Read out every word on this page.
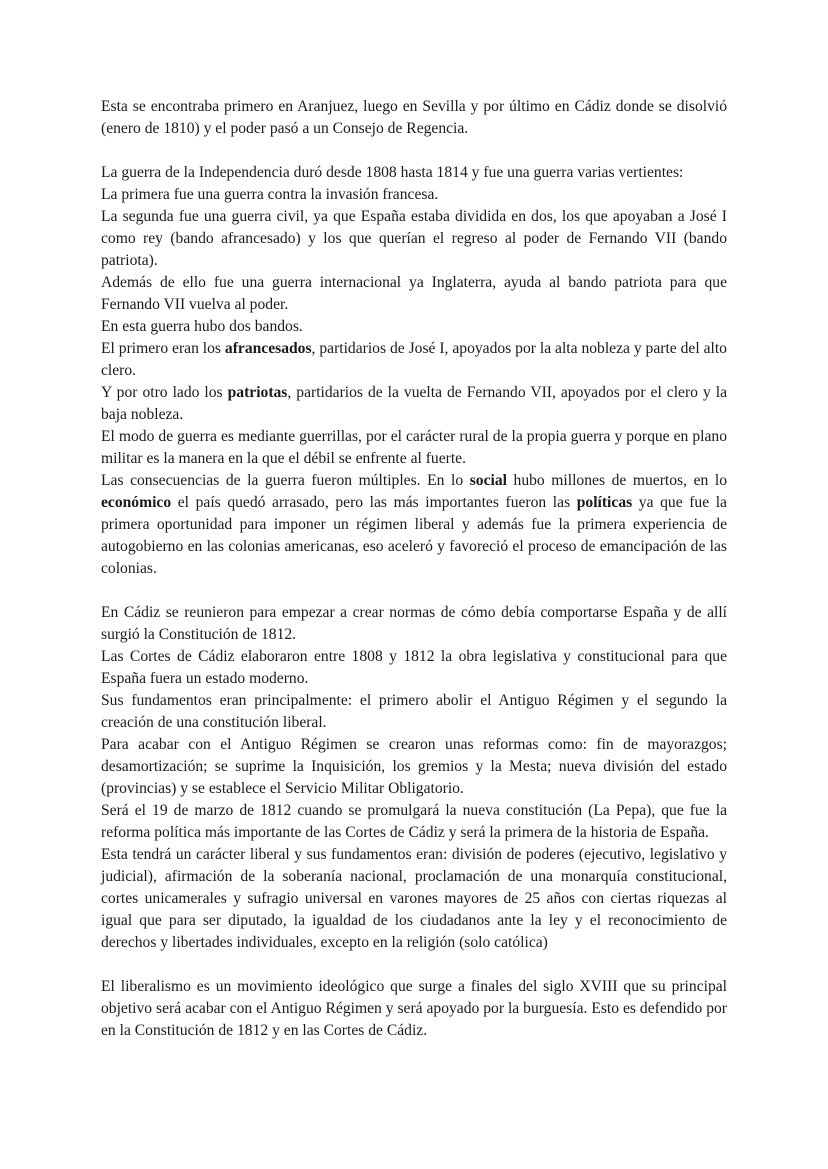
Esta se encontraba primero en Aranjuez, luego en Sevilla y por último en Cádiz donde se disolvió (enero de 1810) y el poder pasó a un Consejo de Regencia.

La guerra de la Independencia duró desde 1808 hasta 1814 y fue una guerra varias vertientes:

La primera fue una guerra contra la invasión francesa.

La segunda fue una guerra civil, ya que España estaba dividida en dos, los que apoyaban a José I como rey (bando afrancesado) y los que querían el regreso al poder de Fernando VII (bando patriota).

Además de ello fue una guerra internacional ya Inglaterra, ayuda al bando patriota para que Fernando VII vuelva al poder.

En esta guerra hubo dos bandos.

El primero eran los afrancesados, partidarios de José I, apoyados por la alta nobleza y parte del alto clero.

Y por otro lado los patriotas, partidarios de la vuelta de Fernando VII, apoyados por el clero y la baja nobleza.

El modo de guerra es mediante guerrillas, por el carácter rural de la propia guerra y porque en plano militar es la manera en la que el débil se enfrente al fuerte.

Las consecuencias de la guerra fueron múltiples. En lo social hubo millones de muertos, en lo económico el país quedó arrasado, pero las más importantes fueron las políticas ya que fue la primera oportunidad para imponer un régimen liberal y además fue la primera experiencia de autogobierno en las colonias americanas, eso aceleró y favoreció el proceso de emancipación de las colonias.

En Cádiz se reunieron para empezar a crear normas de cómo debía comportarse España y de allí surgió la Constitución de 1812.

Las Cortes de Cádiz elaboraron entre 1808 y 1812 la obra legislativa y constitucional para que España fuera un estado moderno.

Sus fundamentos eran principalmente: el primero abolir el Antiguo Régimen y el segundo la creación de una constitución liberal.

Para acabar con el Antiguo Régimen se crearon unas reformas como: fin de mayorazgos; desamortización; se suprime la Inquisición, los gremios y la Mesta; nueva división del estado (provincias) y se establece el Servicio Militar Obligatorio.

Será el 19 de marzo de 1812 cuando se promulgará la nueva constitución (La Pepa), que fue la reforma política más importante de las Cortes de Cádiz y será la primera de la historia de España.

Esta tendrá un carácter liberal y sus fundamentos eran: división de poderes (ejecutivo, legislativo y judicial), afirmación de la soberanía nacional, proclamación de una monarquía constitucional, cortes unicamerales y sufragio universal en varones mayores de 25 años con ciertas riquezas al igual que para ser diputado, la igualdad de los ciudadanos ante la ley y el reconocimiento de derechos y libertades individuales, excepto en la religión (solo católica)

El liberalismo es un movimiento ideológico que surge a finales del siglo XVIII que su principal objetivo será acabar con el Antiguo Régimen y será apoyado por la burguesía. Esto es defendido por en la Constitución de 1812 y en las Cortes de Cádiz.
